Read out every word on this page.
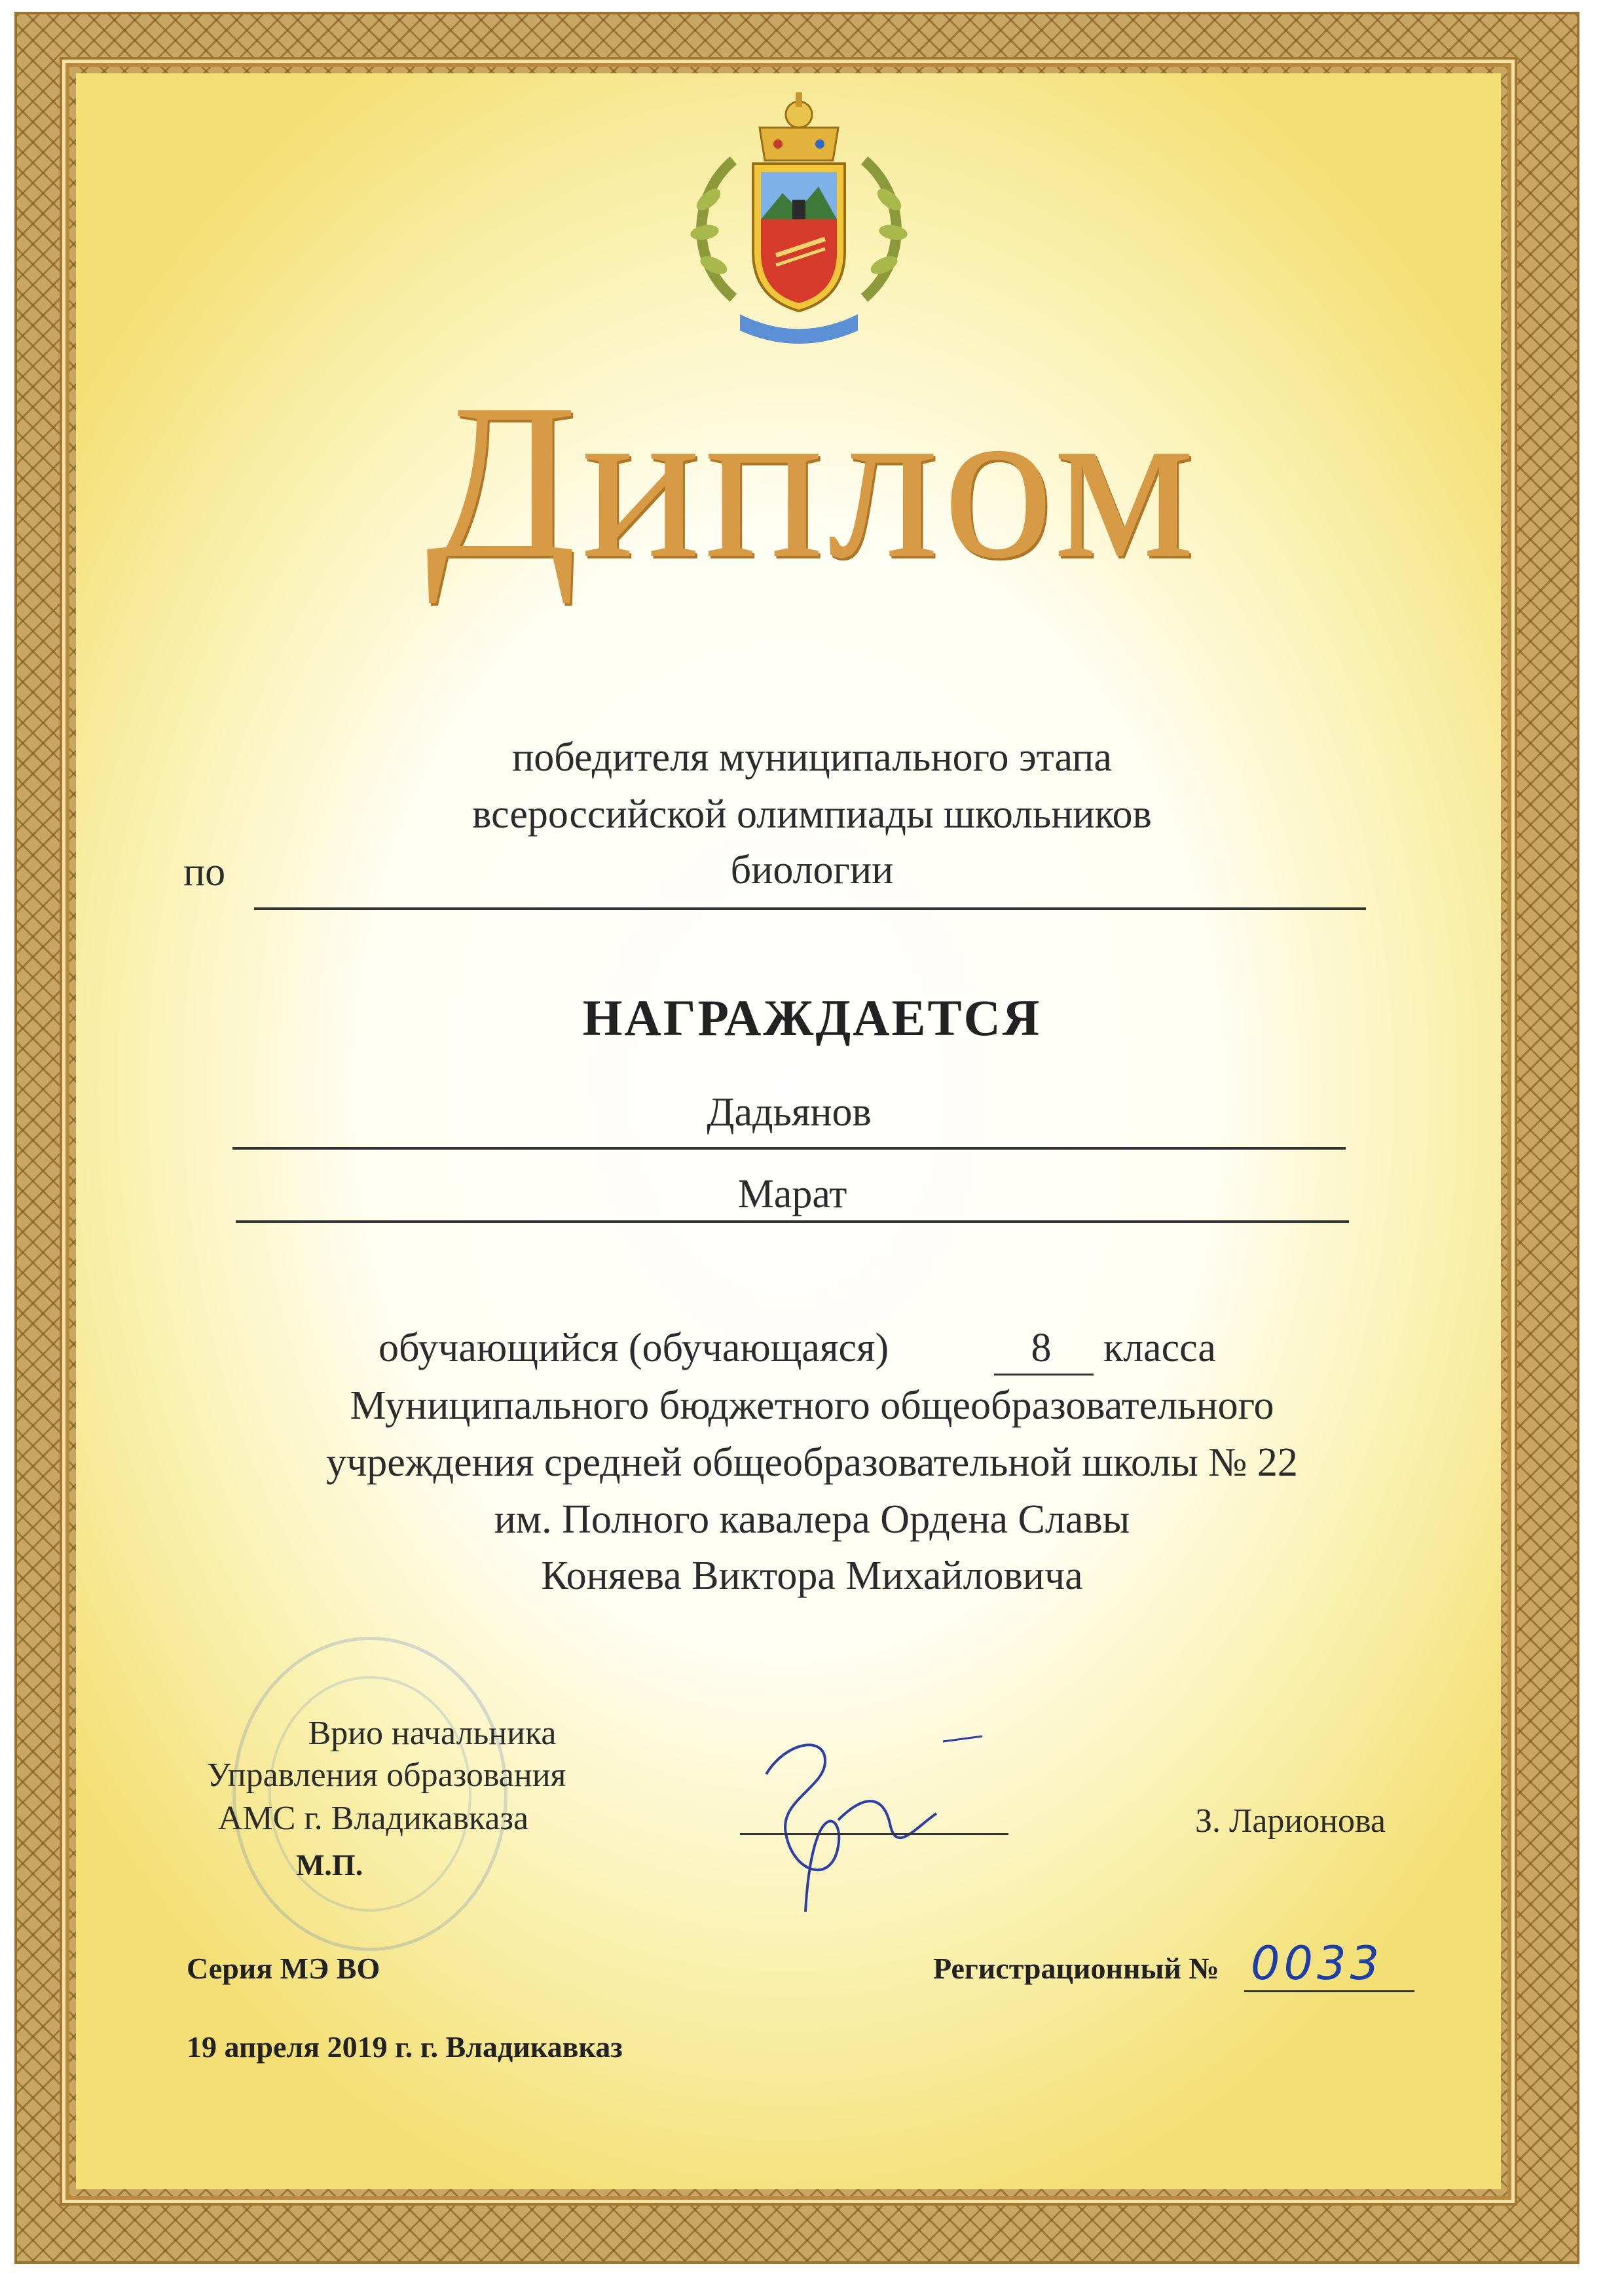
Диплом
победителя муниципального этапа
всероссийской олимпиады школьников
по	биологии
НАГРАЖДАЕТСЯ
Дадьянов
Марат
обучающийся (обучающаяся)	8	класса
Муниципального бюджетного общеобразовательного
учреждения средней общеобразовательной школы № 22
им. Полного кавалера Ордена Славы
Коняева Виктора Михайловича
Врио начальника
Управления образования
АМС г. Владикавказа
М.П.
З. Ларионова
Серия МЭ ВО	Регистрационный № 0033
19 апреля 2019 г. г. Владикавказ
